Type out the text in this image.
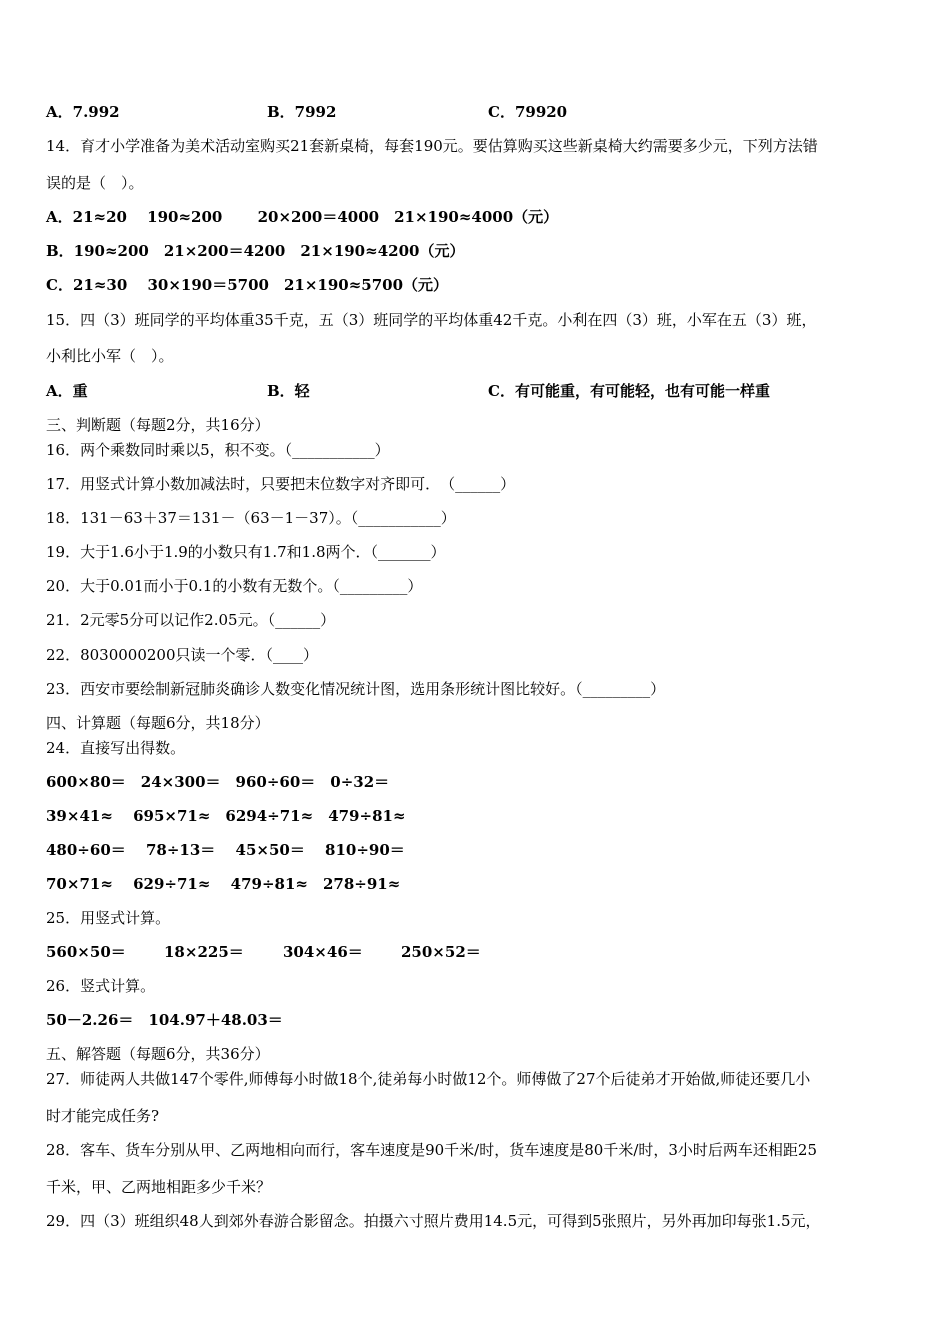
A．7.992	B．7992	C．79920
14．育才小学准备为美术活动室购买21套新桌椅，每套190元。要估算购买这些新桌椅大约需要多少元，下列方法错
误的是（　）。
A．21≈20　 190≈200　　 20×200＝4000　21×190≈4000（元）
B．190≈200　21×200＝4200　21×190≈4200（元）
C．21≈30　 30×190＝5700　21×190≈5700（元）
15．四（3）班同学的平均体重35千克，五（3）班同学的平均体重42千克。小利在四（3）班，小军在五（3）班，
小利比小军（　）。
A．重	B．轻	C．有可能重，有可能轻，也有可能一样重
三、判断题（每题2分，共16分）
16．两个乘数同时乘以5，积不变。（___________）
17．用竖式计算小数加减法时，只要把末位数字对齐即可．　（______）
18．131－63＋37＝131－（63－1－37）。（___________）
19．大于1.6小于1.9的小数只有1.7和1.8两个．（_______）
20．大于0.01而小于0.1的小数有无数个。（_________）
21．2元零5分可以记作2.05元。（______）
22．8030000200只读一个零．（____）
23．西安市要绘制新冠肺炎确诊人数变化情况统计图，选用条形统计图比较好。（_________）
四、计算题（每题6分，共18分）
24．直接写出得数。
600×80＝　24×300＝　960÷60＝　0÷32＝
39×41≈　 695×71≈　6294÷71≈　479÷81≈
480÷60＝　 78÷13＝　 45×50＝　 810÷90＝
70×71≈　 629÷71≈　 479÷81≈　278÷91≈
25．用竖式计算。
560×50＝	18×225＝	304×46＝	250×52＝
26．竖式计算。
50－2.26＝　104.97＋48.03＝
五、解答题（每题6分，共36分）
27．师徒两人共做147个零件,师傅每小时做18个,徒弟每小时做12个。师傅做了27个后徒弟才开始做,师徒还要几小
时才能完成任务?
28．客车、货车分别从甲、乙两地相向而行，客车速度是90千米/时，货车速度是80千米/时，3小时后两车还相距25
千米，甲、乙两地相距多少千米？
29．四（3）班组织48人到郊外春游合影留念。拍摄六寸照片费用14.5元，可得到5张照片，另外再加印每张1.5元，
